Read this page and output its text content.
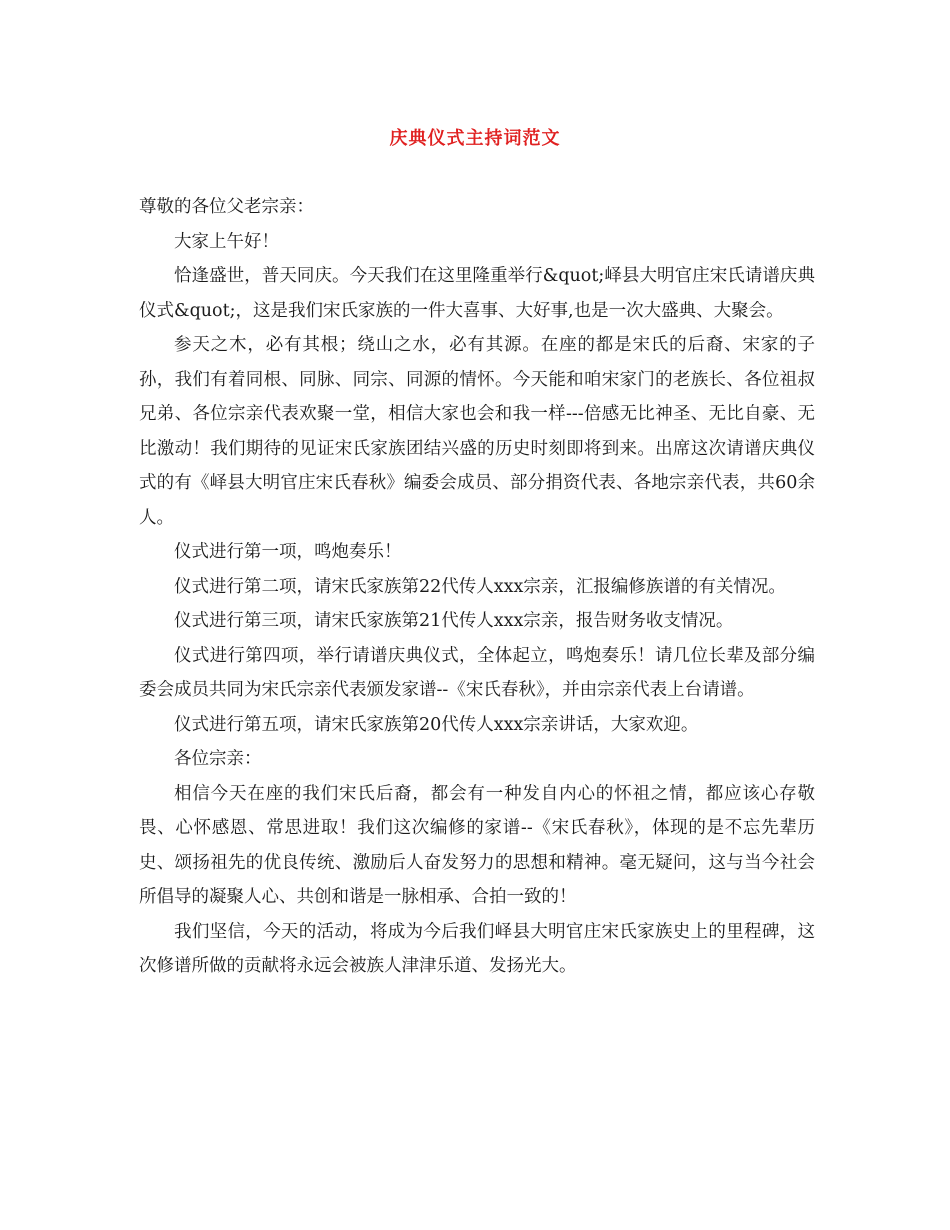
庆典仪式主持词范文

尊敬的各位父老宗亲：

大家上午好！

恰逢盛世，普天同庆。今天我们在这里隆重举行&quot;峄县大明官庄宋氏请谱庆典仪式&quot;，这是我们宋氏家族的一件大喜事、大好事,也是一次大盛典、大聚会。

参天之木，必有其根；绕山之水，必有其源。在座的都是宋氏的后裔、宋家的子孙，我们有着同根、同脉、同宗、同源的情怀。今天能和咱宋家门的老族长、各位祖叔兄弟、各位宗亲代表欢聚一堂，相信大家也会和我一样---倍感无比神圣、无比自豪、无比激动！我们期待的见证宋氏家族团结兴盛的历史时刻即将到来。出席这次请谱庆典仪式的有《峄县大明官庄宋氏春秋》编委会成员、部分捐资代表、各地宗亲代表，共60余人。

仪式进行第一项，鸣炮奏乐！

仪式进行第二项，请宋氏家族第22代传人xxx宗亲，汇报编修族谱的有关情况。

仪式进行第三项，请宋氏家族第21代传人xxx宗亲，报告财务收支情况。

仪式进行第四项，举行请谱庆典仪式，全体起立，鸣炮奏乐！请几位长辈及部分编委会成员共同为宋氏宗亲代表颁发家谱--《宋氏春秋》，并由宗亲代表上台请谱。

仪式进行第五项，请宋氏家族第20代传人xxx宗亲讲话，大家欢迎。

各位宗亲：

相信今天在座的我们宋氏后裔，都会有一种发自内心的怀祖之情，都应该心存敬畏、心怀感恩、常思进取！我们这次编修的家谱--《宋氏春秋》，体现的是不忘先辈历史、颂扬祖先的优良传统、激励后人奋发努力的思想和精神。毫无疑问，这与当今社会所倡导的凝聚人心、共创和谐是一脉相承、合拍一致的！

我们坚信，今天的活动，将成为今后我们峄县大明官庄宋氏家族史上的里程碑，这次修谱所做的贡献将永远会被族人津津乐道、发扬光大。
